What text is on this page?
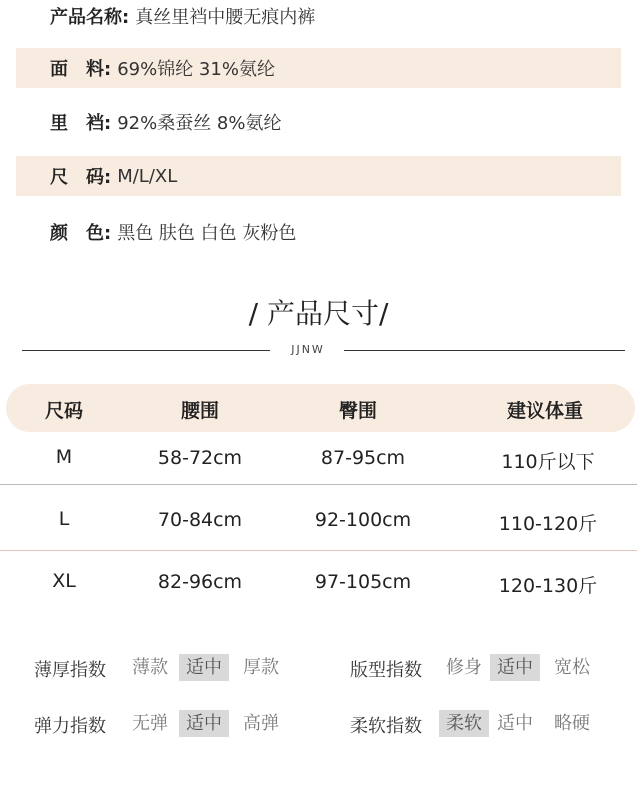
产品名称: 真丝里裆中腰无痕内裤
面　料: 69%锦纶 31%氨纶
里　裆: 92%桑蚕丝 8%氨纶
尺　码: M/L/XL
颜　色: 黑色 肤色 白色 灰粉色
/ 产品尺寸/
JJNW
尺码	腰围	臀围	建议体重
M	58-72cm	87-95cm	110斤以下
L	70-84cm	92-100cm	110-120斤
XL	82-96cm	97-105cm	120-130斤
薄厚指数	薄款	适中	厚款	版型指数	修身 适中	宽松
弹力指数	无弹	适中	高弹	柔软指数	柔软 适中	略硬
